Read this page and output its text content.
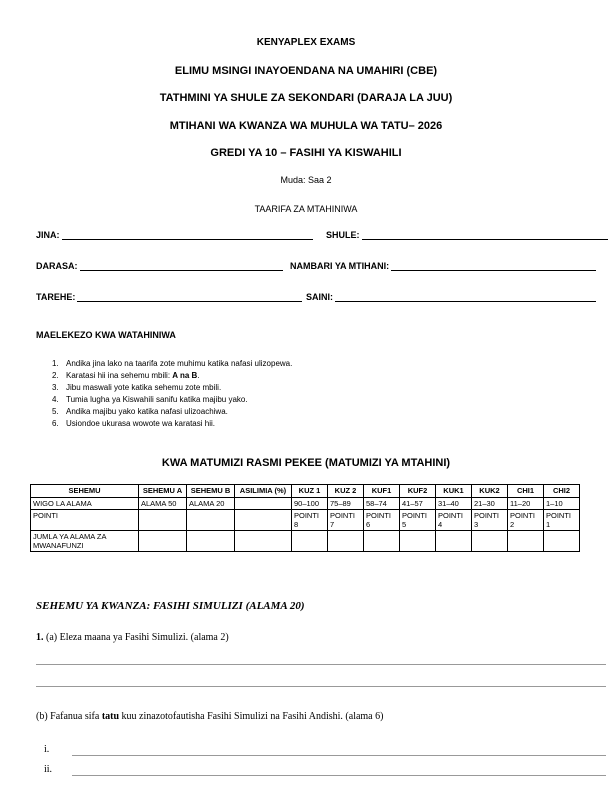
KENYAPLEX EXAMS
ELIMU MSINGI INAYOENDANA NA UMAHIRI (CBE)
TATHMINI YA SHULE ZA SEKONDARI (DARAJA LA JUU)
MTIHANI WA KWANZA WA MUHULA WA TATU– 2026
GREDI YA 10 – FASIHI YA KISWAHILI
Muda: Saa 2
TAARIFA ZA MTAHINIWA
JINA:	SHULE:
DARASA:	NAMBARI YA MTIHANI:
TAREHE:	SAINI:
MAELEKEZO KWA WATAHINIWA
1. Andika jina lako na taarifa zote muhimu katika nafasi ulizopewa.
2. Karatasi hii ina sehemu mbili:
A na B .
3. Jibu maswali yote katika sehemu zote mbili.
4. Tumia lugha ya Kiswahili sanifu katika majibu yako.
5. Andika majibu yako katika nafasi ulizoachiwa.
6. Usiondoe ukurasa wowote wa karatasi hii.
KWA MATUMIZI RASMI PEKEE (MATUMIZI YA MTAHINI)
SEHEMU	SEHEMU A	SEHEMU B	ASILIMIA (%)	KUZ 1	KUZ 2	KUF1	KUF2	KUK1	KUK2	CHI1	CHI2
WIGO LA ALAMA	ALAMA 50	ALAMA 20		90–100	75–89	58–74	41–57	31–40	21–30	11–20	1–10
POINTI				POINTI 8	POINTI 7	POINTI 6	POINTI 5	POINTI 4	POINTI 3	POINTI 2	POINTI 1
JUMLA YA ALAMA ZA MWANAFUNZI											
SEHEMU YA KWANZA: FASIHI SIMULIZI (ALAMA 20)
1. (a) Eleza maana ya Fasihi Simulizi. (alama 2)
(b) Fafanua sifa tatu kuu zinazotofautisha Fasihi Simulizi na Fasihi Andishi. (alama 6)
i.
ii.
